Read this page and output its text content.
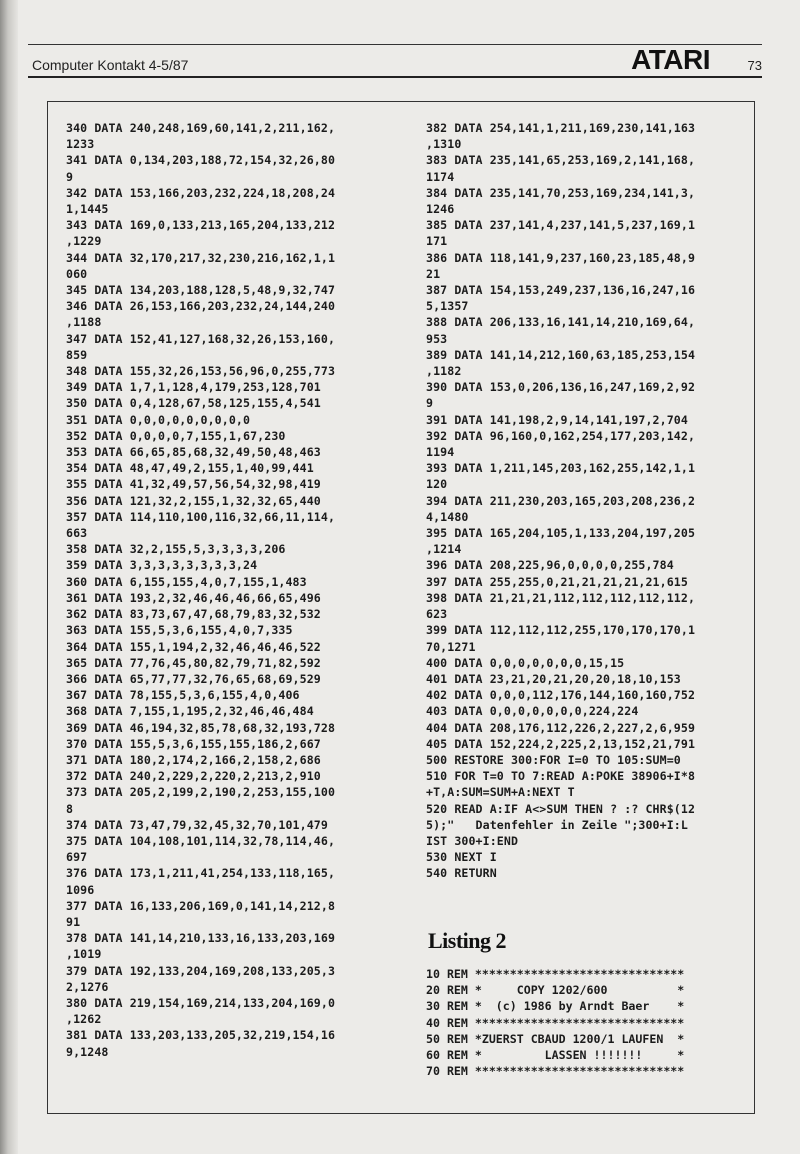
Computer Kontakt 4-5/87	ATARI	73
340 DATA 240,248,169,60,141,2,211,162,
1233
341 DATA 0,134,203,188,72,154,32,26,80
9
342 DATA 153,166,203,232,224,18,208,24
1,1445
343 DATA 169,0,133,213,165,204,133,212
,1229
344 DATA 32,170,217,32,230,216,162,1,1
060
345 DATA 134,203,188,128,5,48,9,32,747
346 DATA 26,153,166,203,232,24,144,240
,1188
347 DATA 152,41,127,168,32,26,153,160,
859
348 DATA 155,32,26,153,56,96,0,255,773
349 DATA 1,7,1,128,4,179,253,128,701
350 DATA 0,4,128,67,58,125,155,4,541
351 DATA 0,0,0,0,0,0,0,0,0
352 DATA 0,0,0,0,7,155,1,67,230
353 DATA 66,65,85,68,32,49,50,48,463
354 DATA 48,47,49,2,155,1,40,99,441
355 DATA 41,32,49,57,56,54,32,98,419
356 DATA 121,32,2,155,1,32,32,65,440
357 DATA 114,110,100,116,32,66,11,114,
663
358 DATA 32,2,155,5,3,3,3,3,206
359 DATA 3,3,3,3,3,3,3,3,24
360 DATA 6,155,155,4,0,7,155,1,483
361 DATA 193,2,32,46,46,46,66,65,496
362 DATA 83,73,67,47,68,79,83,32,532
363 DATA 155,5,3,6,155,4,0,7,335
364 DATA 155,1,194,2,32,46,46,46,522
365 DATA 77,76,45,80,82,79,71,82,592
366 DATA 65,77,77,32,76,65,68,69,529
367 DATA 78,155,5,3,6,155,4,0,406
368 DATA 7,155,1,195,2,32,46,46,484
369 DATA 46,194,32,85,78,68,32,193,728
370 DATA 155,5,3,6,155,155,186,2,667
371 DATA 180,2,174,2,166,2,158,2,686
372 DATA 240,2,229,2,220,2,213,2,910
373 DATA 205,2,199,2,190,2,253,155,100
8
374 DATA 73,47,79,32,45,32,70,101,479
375 DATA 104,108,101,114,32,78,114,46,
697
376 DATA 173,1,211,41,254,133,118,165,
1096
377 DATA 16,133,206,169,0,141,14,212,8
91
378 DATA 141,14,210,133,16,133,203,169
,1019
379 DATA 192,133,204,169,208,133,205,3
2,1276
380 DATA 219,154,169,214,133,204,169,0
,1262
381 DATA 133,203,133,205,32,219,154,16
9,1248
382 DATA 254,141,1,211,169,230,141,163
,1310
383 DATA 235,141,65,253,169,2,141,168,
1174
384 DATA 235,141,70,253,169,234,141,3,
1246
385 DATA 237,141,4,237,141,5,237,169,1
171
386 DATA 118,141,9,237,160,23,185,48,9
21
387 DATA 154,153,249,237,136,16,247,16
5,1357
388 DATA 206,133,16,141,14,210,169,64,
953
389 DATA 141,14,212,160,63,185,253,154
,1182
390 DATA 153,0,206,136,16,247,169,2,92
9
391 DATA 141,198,2,9,14,141,197,2,704
392 DATA 96,160,0,162,254,177,203,142,
1194
393 DATA 1,211,145,203,162,255,142,1,1
120
394 DATA 211,230,203,165,203,208,236,2
4,1480
395 DATA 165,204,105,1,133,204,197,205
,1214
396 DATA 208,225,96,0,0,0,0,255,784
397 DATA 255,255,0,21,21,21,21,21,615
398 DATA 21,21,21,112,112,112,112,112,
623
399 DATA 112,112,112,255,170,170,170,1
70,1271
400 DATA 0,0,0,0,0,0,0,15,15
401 DATA 23,21,20,21,20,20,18,10,153
402 DATA 0,0,0,112,176,144,160,160,752
403 DATA 0,0,0,0,0,0,0,224,224
404 DATA 208,176,112,226,2,227,2,6,959
405 DATA 152,224,2,225,2,13,152,21,791
500 RESTORE 300:FOR I=0 TO 105:SUM=0
510 FOR T=0 TO 7:READ A:POKE 38906+I*8
+T,A:SUM=SUM+A:NEXT T
520 READ A:IF A<>SUM THEN ? :? CHR$(12
5);"   Datenfehler in Zeile ";300+I:L
IST 300+I:END
530 NEXT I
540 RETURN
Listing 2
10 REM ******************************
20 REM *     COPY 1202/600          *
30 REM *  (c) 1986 by Arndt Baer    *
40 REM ******************************
50 REM *ZUERST CBAUD 1200/1 LAUFEN  *
60 REM *         LASSEN !!!!!!!     *
70 REM ******************************
